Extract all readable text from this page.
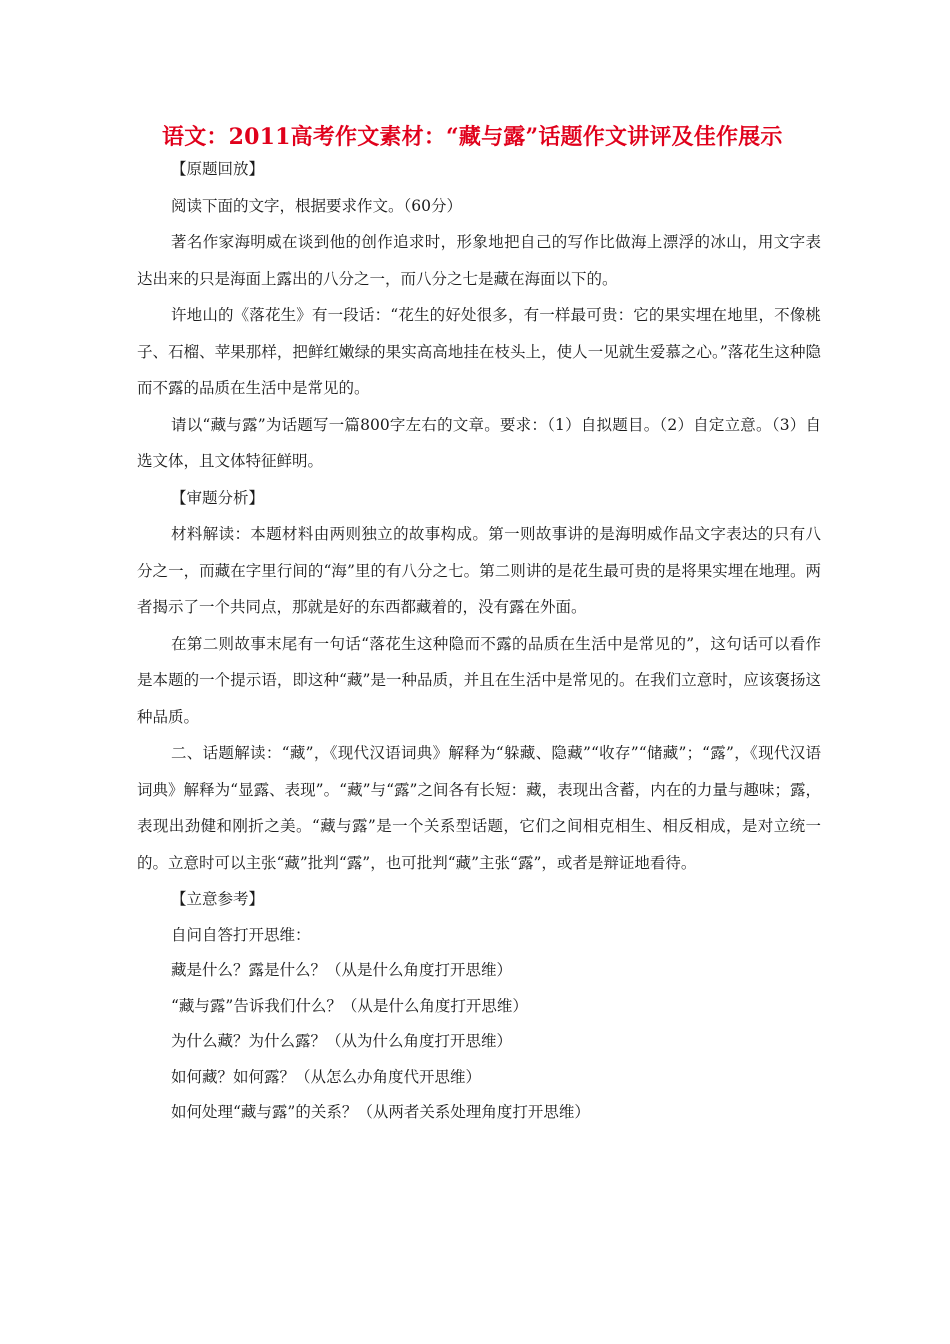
语文：2011高考作文素材：“藏与露”话题作文讲评及佳作展示

【原题回放】

阅读下面的文字，根据要求作文。（60分）

著名作家海明威在谈到他的创作追求时，形象地把自己的写作比做海上漂浮的冰山，用文字表达出来的只是海面上露出的八分之一，而八分之七是藏在海面以下的。

许地山的《落花生》有一段话：“花生的好处很多，有一样最可贵：它的果实埋在地里，不像桃子、石榴、苹果那样，把鲜红嫩绿的果实高高地挂在枝头上，使人一见就生爱慕之心。”落花生这种隐而不露的品质在生活中是常见的。

请以“藏与露”为话题写一篇800字左右的文章。要求：（1）自拟题目。（2）自定立意。（3）自选文体，且文体特征鲜明。

【审题分析】

材料解读：本题材料由两则独立的故事构成。第一则故事讲的是海明威作品文字表达的只有八分之一，而藏在字里行间的“海”里的有八分之七。第二则讲的是花生最可贵的是将果实埋在地理。两者揭示了一个共同点，那就是好的东西都藏着的，没有露在外面。

在第二则故事末尾有一句话“落花生这种隐而不露的品质在生活中是常见的”，这句话可以看作是本题的一个提示语，即这种“藏”是一种品质，并且在生活中是常见的。在我们立意时，应该褒扬这种品质。

二、话题解读：“藏”，《现代汉语词典》解释为“躲藏、隐藏”“收存”“储藏”；“露”，《现代汉语词典》解释为“显露、表现”。“藏”与“露”之间各有长短：藏，表现出含蓄，内在的力量与趣味；露，表现出劲健和刚折之美。“藏与露”是一个关系型话题，它们之间相克相生、相反相成，是对立统一的。立意时可以主张“藏”批判“露”，也可批判“藏”主张“露”，或者是辩证地看待。

【立意参考】

自问自答打开思维：

藏是什么？露是什么？（从是什么角度打开思维）

“藏与露”告诉我们什么？（从是什么角度打开思维）

为什么藏？为什么露？（从为什么角度打开思维）

如何藏？如何露？（从怎么办角度代开思维）

如何处理“藏与露”的关系？（从两者关系处理角度打开思维）
